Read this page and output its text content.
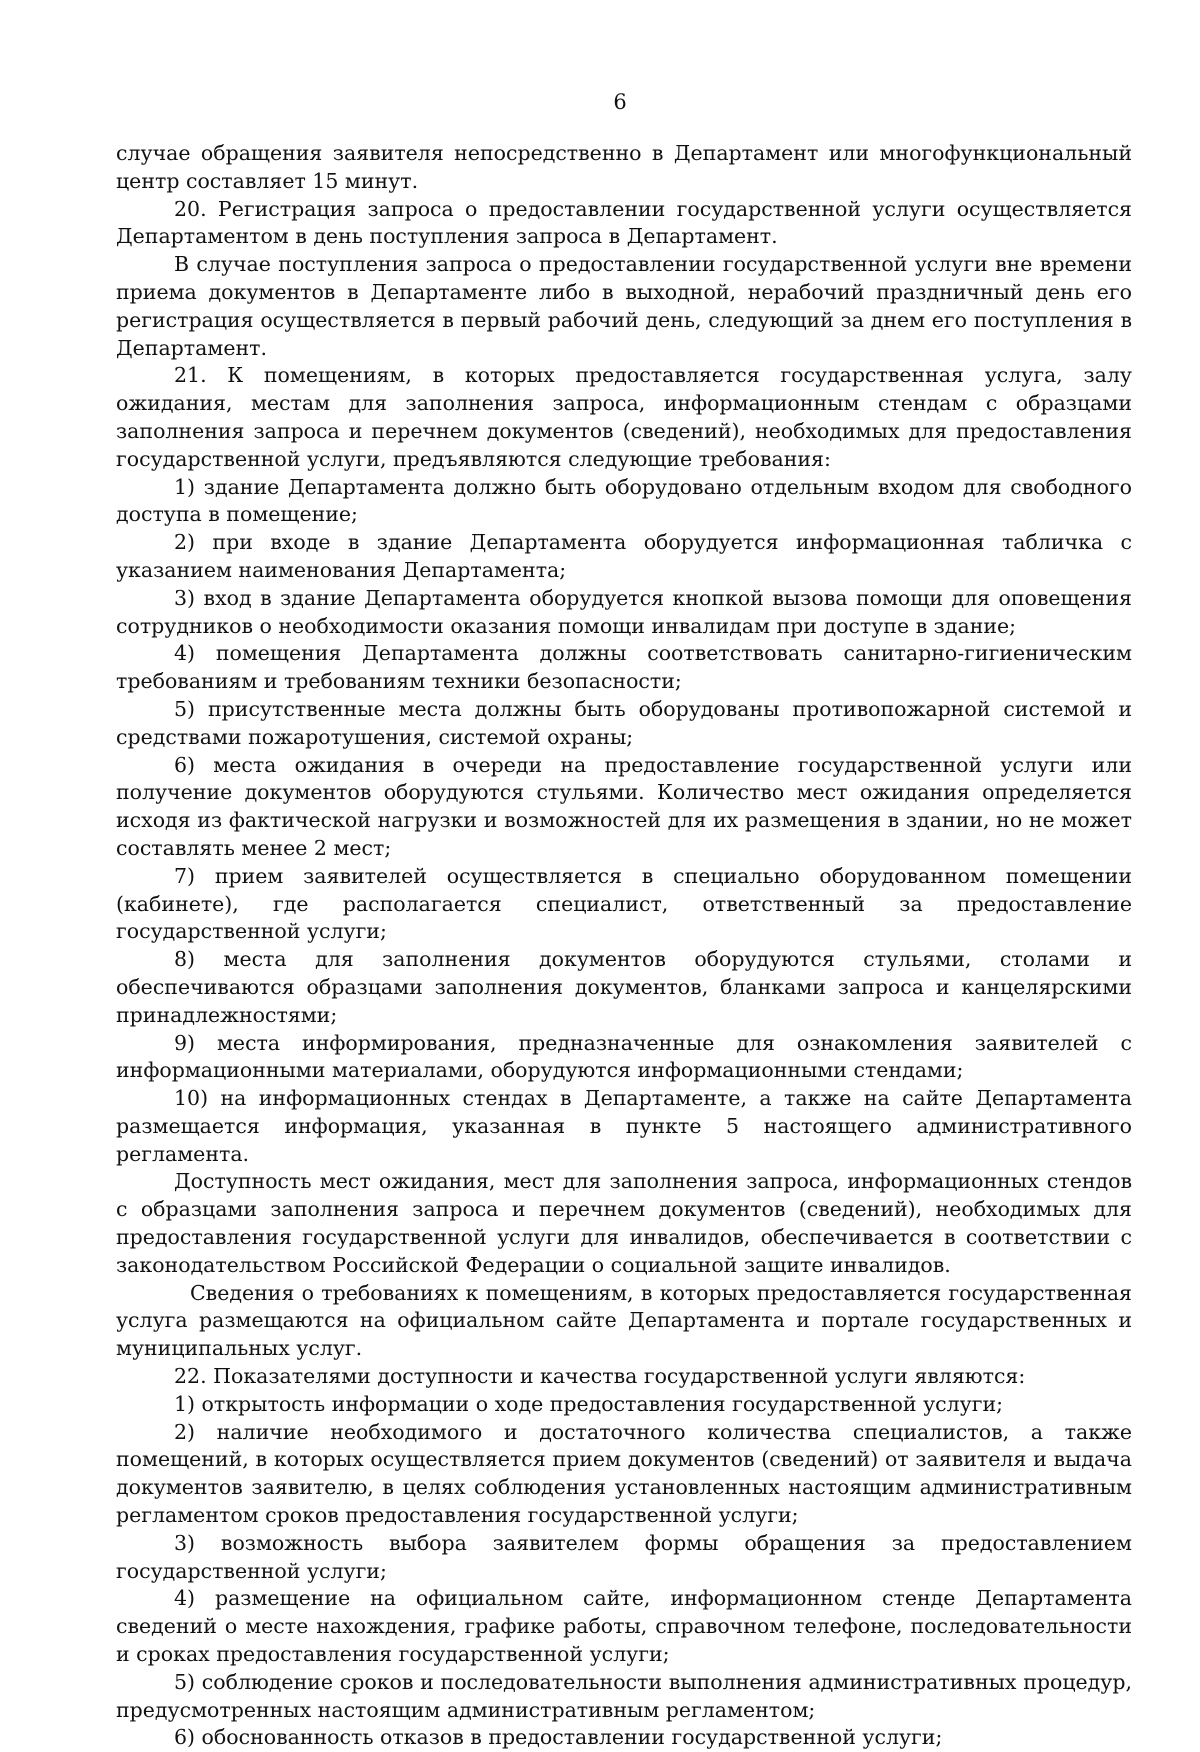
6

случае обращения заявителя непосредственно в Департамент или многофункциональный центр составляет 15 минут.

20. Регистрация запроса о предоставлении государственной услуги осуществляется Департаментом в день поступления запроса в Департамент.

В случае поступления запроса о предоставлении государственной услуги вне времени приема документов в Департаменте либо в выходной, нерабочий праздничный день его регистрация осуществляется в первый рабочий день, следующий за днем его поступления в Департамент.

21. К помещениям, в которых предоставляется государственная услуга, залу ожидания, местам для заполнения запроса, информационным стендам с образцами заполнения запроса и перечнем документов (сведений), необходимых для предоставления государственной услуги, предъявляются следующие требования:

1) здание Департамента должно быть оборудовано отдельным входом для свободного доступа в помещение;

2) при входе в здание Департамента оборудуется информационная табличка с указанием наименования Департамента;

3) вход в здание Департамента оборудуется кнопкой вызова помощи для оповещения сотрудников о необходимости оказания помощи инвалидам при доступе в здание;

4) помещения Департамента должны соответствовать санитарно-гигиеническим требованиям и требованиям техники безопасности;

5) присутственные места должны быть оборудованы противопожарной системой и средствами пожаротушения, системой охраны;

6) места ожидания в очереди на предоставление государственной услуги или получение документов оборудуются стульями. Количество мест ожидания определяется исходя из фактической нагрузки и возможностей для их размещения в здании, но не может составлять менее 2 мест;

7) прием заявителей осуществляется в специально оборудованном помещении (кабинете), где располагается специалист, ответственный за предоставление государственной услуги;

8) места для заполнения документов оборудуются стульями, столами и обеспечиваются образцами заполнения документов, бланками запроса и канцелярскими принадлежностями;

9) места информирования, предназначенные для ознакомления заявителей с информационными материалами, оборудуются информационными стендами;

10) на информационных стендах в Департаменте, а также на сайте Департамента размещается информация, указанная в пункте 5 настоящего административного регламента.

Доступность мест ожидания, мест для заполнения запроса, информационных стендов с образцами заполнения запроса и перечнем документов (сведений), необходимых для предоставления государственной услуги для инвалидов, обеспечивается в соответствии с законодательством Российской Федерации о социальной защите инвалидов.

Сведения о требованиях к помещениям, в которых предоставляется государственная услуга размещаются на официальном сайте Департамента и портале государственных и муниципальных услуг.

22. Показателями доступности и качества государственной услуги являются:

1) открытость информации о ходе предоставления государственной услуги;

2) наличие необходимого и достаточного количества специалистов, а также помещений, в которых осуществляется прием документов (сведений) от заявителя и выдача документов заявителю, в целях соблюдения установленных настоящим административным регламентом сроков предоставления государственной услуги;

3) возможность выбора заявителем формы обращения за предоставлением государственной услуги;

4) размещение на официальном сайте, информационном стенде Департамента сведений о месте нахождения, графике работы, справочном телефоне, последовательности и сроках предоставления государственной услуги;

5) соблюдение сроков и последовательности выполнения административных процедур, предусмотренных настоящим административным регламентом;

6) обоснованность отказов в предоставлении государственной услуги;
